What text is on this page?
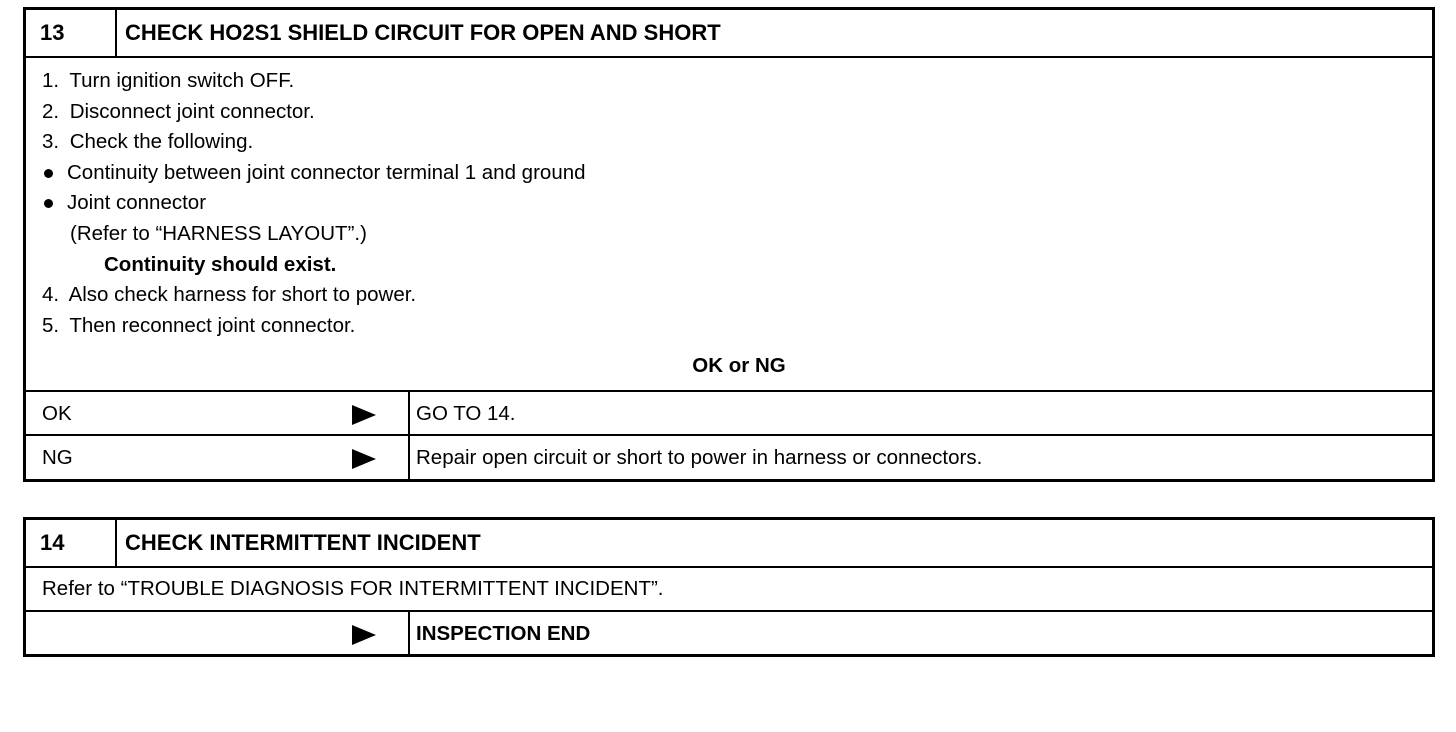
13	CHECK HO2S1 SHIELD CIRCUIT FOR OPEN AND SHORT
1. Turn ignition switch OFF.
2. Disconnect joint connector.
3. Check the following.
Continuity between joint connector terminal 1 and ground
Joint connector
(Refer to “HARNESS LAYOUT”.)
Continuity should exist.
4. Also check harness for short to power.
5. Then reconnect joint connector.
OK or NG
OK	GO TO 14.
NG	Repair open circuit or short to power in harness or connectors.
14	CHECK INTERMITTENT INCIDENT
Refer to “TROUBLE DIAGNOSIS FOR INTERMITTENT INCIDENT”.
INSPECTION END
